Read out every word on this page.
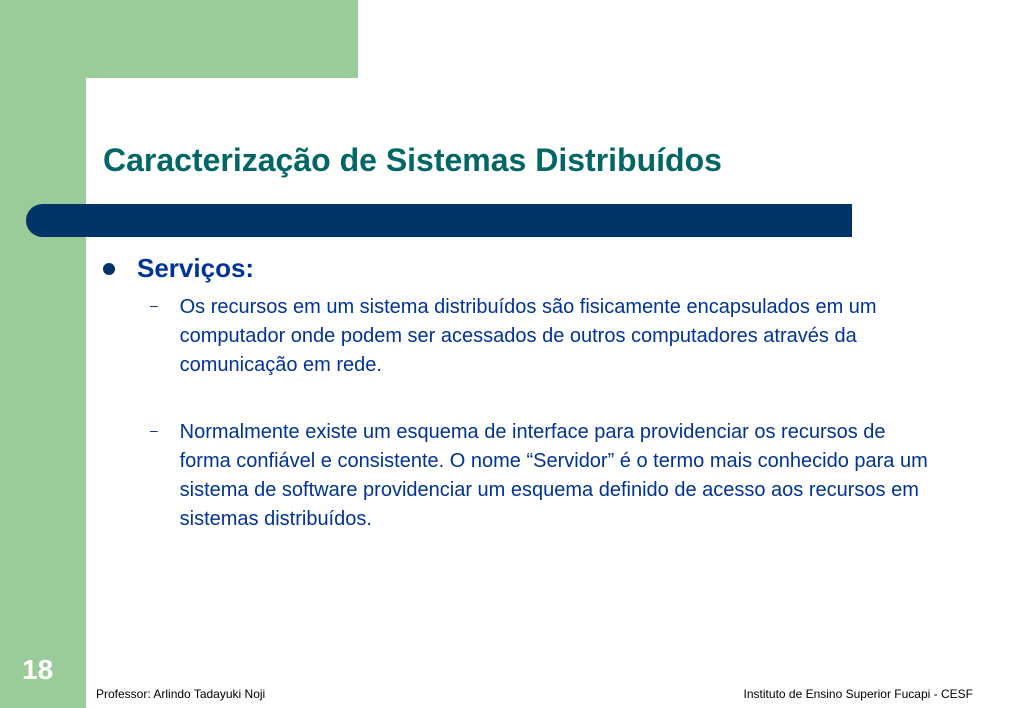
Caracterização de Sistemas Distribuídos
Serviços:
–	Os recursos em um sistema distribuídos são fisicamente encapsulados em um computador onde podem ser acessados de outros computadores através da comunicação em rede.
–	Normalmente existe um esquema de interface para providenciar os recursos de forma confiável e consistente. O nome “Servidor” é o termo mais conhecido para um sistema de software providenciar um esquema definido de acesso aos recursos em sistemas distribuídos.
18
Professor: Arlindo Tadayuki Noji	Instituto de Ensino Superior Fucapi - CESF
